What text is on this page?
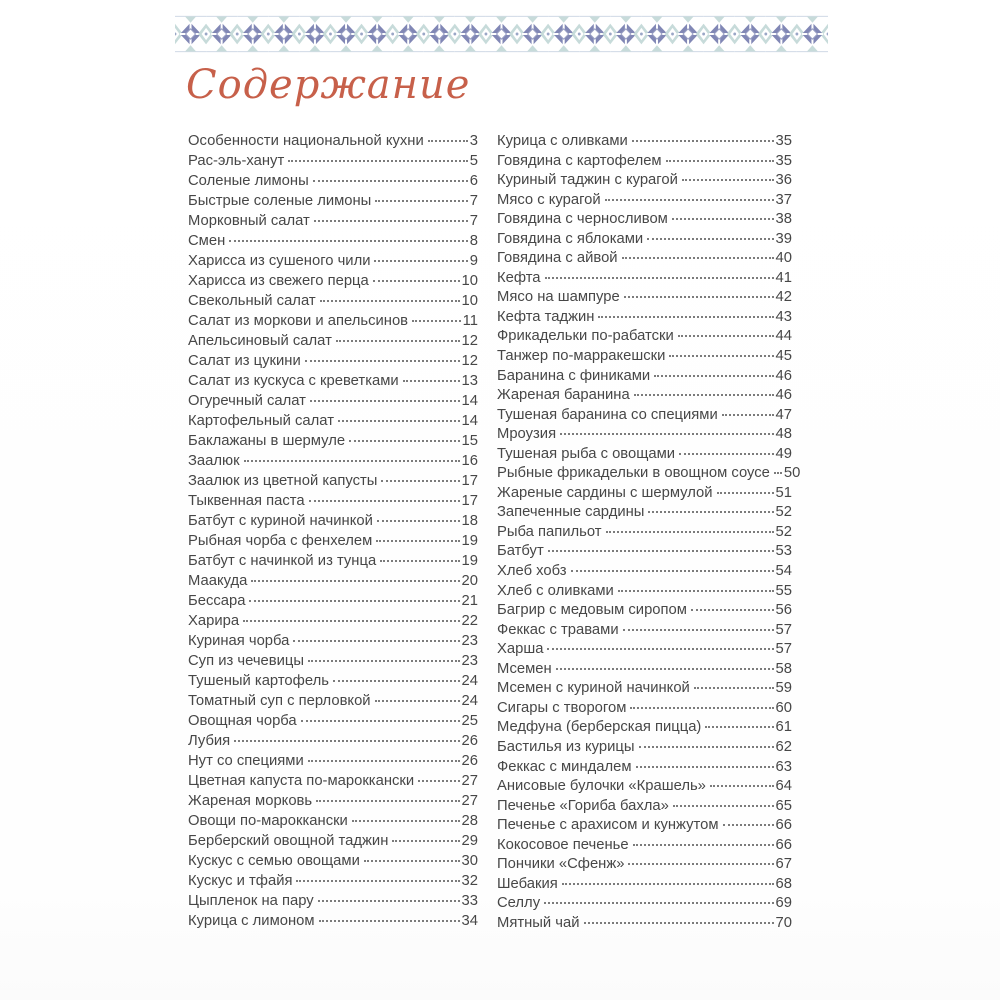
Содержание
Особенности национальной кухни	3
Рас-эль-ханут	5
Соленые лимоны	6
Быстрые соленые лимоны	7
Морковный салат	7
Смен	8
Харисса из сушеного чили	9
Харисса из свежего перца	10
Свекольный салат	10
Салат из моркови и апельсинов	11
Апельсиновый салат	12
Салат из цукини	12
Салат из кускуса с креветками	13
Огуречный салат	14
Картофельный салат	14
Баклажаны в шермуле	15
Заалюк	16
Заалюк из цветной капусты	17
Тыквенная паста	17
Батбут с куриной начинкой	18
Рыбная чорба с фенхелем	19
Батбут с начинкой из тунца	19
Маакуда	20
Бессара	21
Харира	22
Куриная чорба	23
Суп из чечевицы	23
Тушеный картофель	24
Томатный суп с перловкой	24
Овощная чорба	25
Лубия	26
Нут со специями	26
Цветная капуста по-мароккански	27
Жареная морковь	27
Овощи по-мароккански	28
Берберский овощной таджин	29
Кускус с семью овощами	30
Кускус и тфайя	32
Цыпленок на пару	33
Курица с лимоном	34
Курица с оливками	35
Говядина с картофелем	35
Куриный таджин с курагой	36
Мясо с курагой	37
Говядина с черносливом	38
Говядина с яблоками	39
Говядина с айвой	40
Кефта	41
Мясо на шампуре	42
Кефта таджин	43
Фрикадельки по-рабатски	44
Танжер по-марракешски	45
Баранина с финиками	46
Жареная баранина	46
Тушеная баранина со специями	47
Мроузия	48
Тушеная рыба с овощами	49
Рыбные фрикадельки в овощном соусе 50
Жареные сардины с шермулой	51
Запеченные сардины	52
Рыба папильот	52
Батбут	53
Хлеб хобз	54
Хлеб с оливками	55
Багрир с медовым сиропом	56
Феккас с травами	57
Харша	57
Мсемен	58
Мсемен с куриной начинкой	59
Сигары с творогом	60
Медфуна (берберская пицца)	61
Бастилья из курицы	62
Феккас с миндалем	63
Анисовые булочки «Крашель»	64
Печенье «Гориба бахла»	65
Печенье с арахисом и кунжутом	66
Кокосовое печенье	66
Пончики «Сфенж»	67
Шебакия	68
Селлу	69
Мятный чай	70
